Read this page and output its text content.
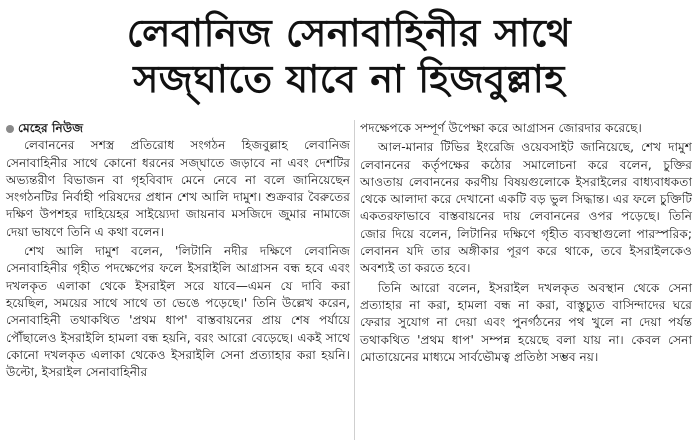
লেবানিজ সেনাবাহিনীর সাথে
সজ্ঘাতে যাবে না হিজবুল্লাহ
মেহের নিউজ
লেবাননের সশস্ত্র প্রতিরোধ সংগঠন হিজবুল্লাহ লেবানিজ সেনাবাহিনীর সাথে কোনো ধরনের সজ্ঘাতে জড়াবে না এবং দেশটির অভ্যন্তরীণ বিভাজন বা গৃহবিবাদ মেনে নেবে না বলে জানিয়েছেন সংগঠনটির নির্বাহী পরিষদের প্রধান শেখ আলি দামুশ। শুক্রবার বৈরুতের দক্ষিণ উপশহর দাহিয়েহর সাইয়্যেদা জায়নাব মসজিদে জুমার নামাজে দেয়া ভাষণে তিনি এ কথা বলেন।
শেখ আলি দামুশ বলেন, 'লিটানি নদীর দক্ষিণে লেবানিজ সেনাবাহিনীর গৃহীত পদক্ষেপের ফলে ইসরাইলি আগ্রাসন বন্ধ হবে এবং দখলকৃত এলাকা থেকে ইসরাইল সরে যাবে—এমন যে দাবি করা হয়েছিল, সময়ের সাথে সাথে তা ভেঙে পড়েছে।' তিনি উল্লেখ করেন, সেনাবাহিনী তথাকথিত 'প্রথম ধাপ' বাস্তবায়নের প্রায় শেষ পর্যায়ে পৌঁছালেও ইসরাইলি হামলা বন্ধ হয়নি, বরং আরো বেড়েছে। একই সাথে কোনো দখলকৃত এলাকা থেকেও ইসরাইলি সেনা প্রত্যাহার করা হয়নি। উল্টো, ইসরাইল সেনাবাহিনীর
পদক্ষেপকে সম্পূর্ণ উপেক্ষা করে আগ্রাসন জোরদার করেছে।
আল-মানার টিভির ইংরেজি ওয়েবসাইট জানিয়েছে, শেখ দামুশ লেবাননের কর্তৃপক্ষের কঠোর সমালোচনা করে বলেন, চুক্তির আওতায় লেবাননের করণীয় বিষয়গুলোকে ইসরাইলের বাধ্যবাধকতা থেকে আলাদা করে দেখানো একটি বড় ভুল সিদ্ধান্ত। এর ফলে চুক্তিটি একতরফাভাবে বাস্তবায়নের দায় লেবাননের ওপর পড়েছে। তিনি জোর দিয়ে বলেন, লিটানির দক্ষিণে গৃহীত ব্যবস্থাগুলো পারস্পরিক; লেবানন যদি তার অঙ্গীকার পূরণ করে থাকে, তবে ইসরাইলকেও অবশ্যই তা করতে হবে।
তিনি আরো বলেন, ইসরাইল দখলকৃত অবস্থান থেকে সেনা প্রত্যাহার না করা, হামলা বন্ধ না করা, বাস্তুচ্যুত বাসিন্দাদের ঘরে ফেরার সুযোগ না দেয়া এবং পুনর্গঠনের পথ খুলে না দেয়া পর্যন্ত তথাকথিত 'প্রথম ধাপ' সম্পন্ন হয়েছে বলা যায় না। কেবল সেনা মোতায়েনের মাধ্যমে সার্বভৌমত্ব প্রতিষ্ঠা সম্ভব নয়।
